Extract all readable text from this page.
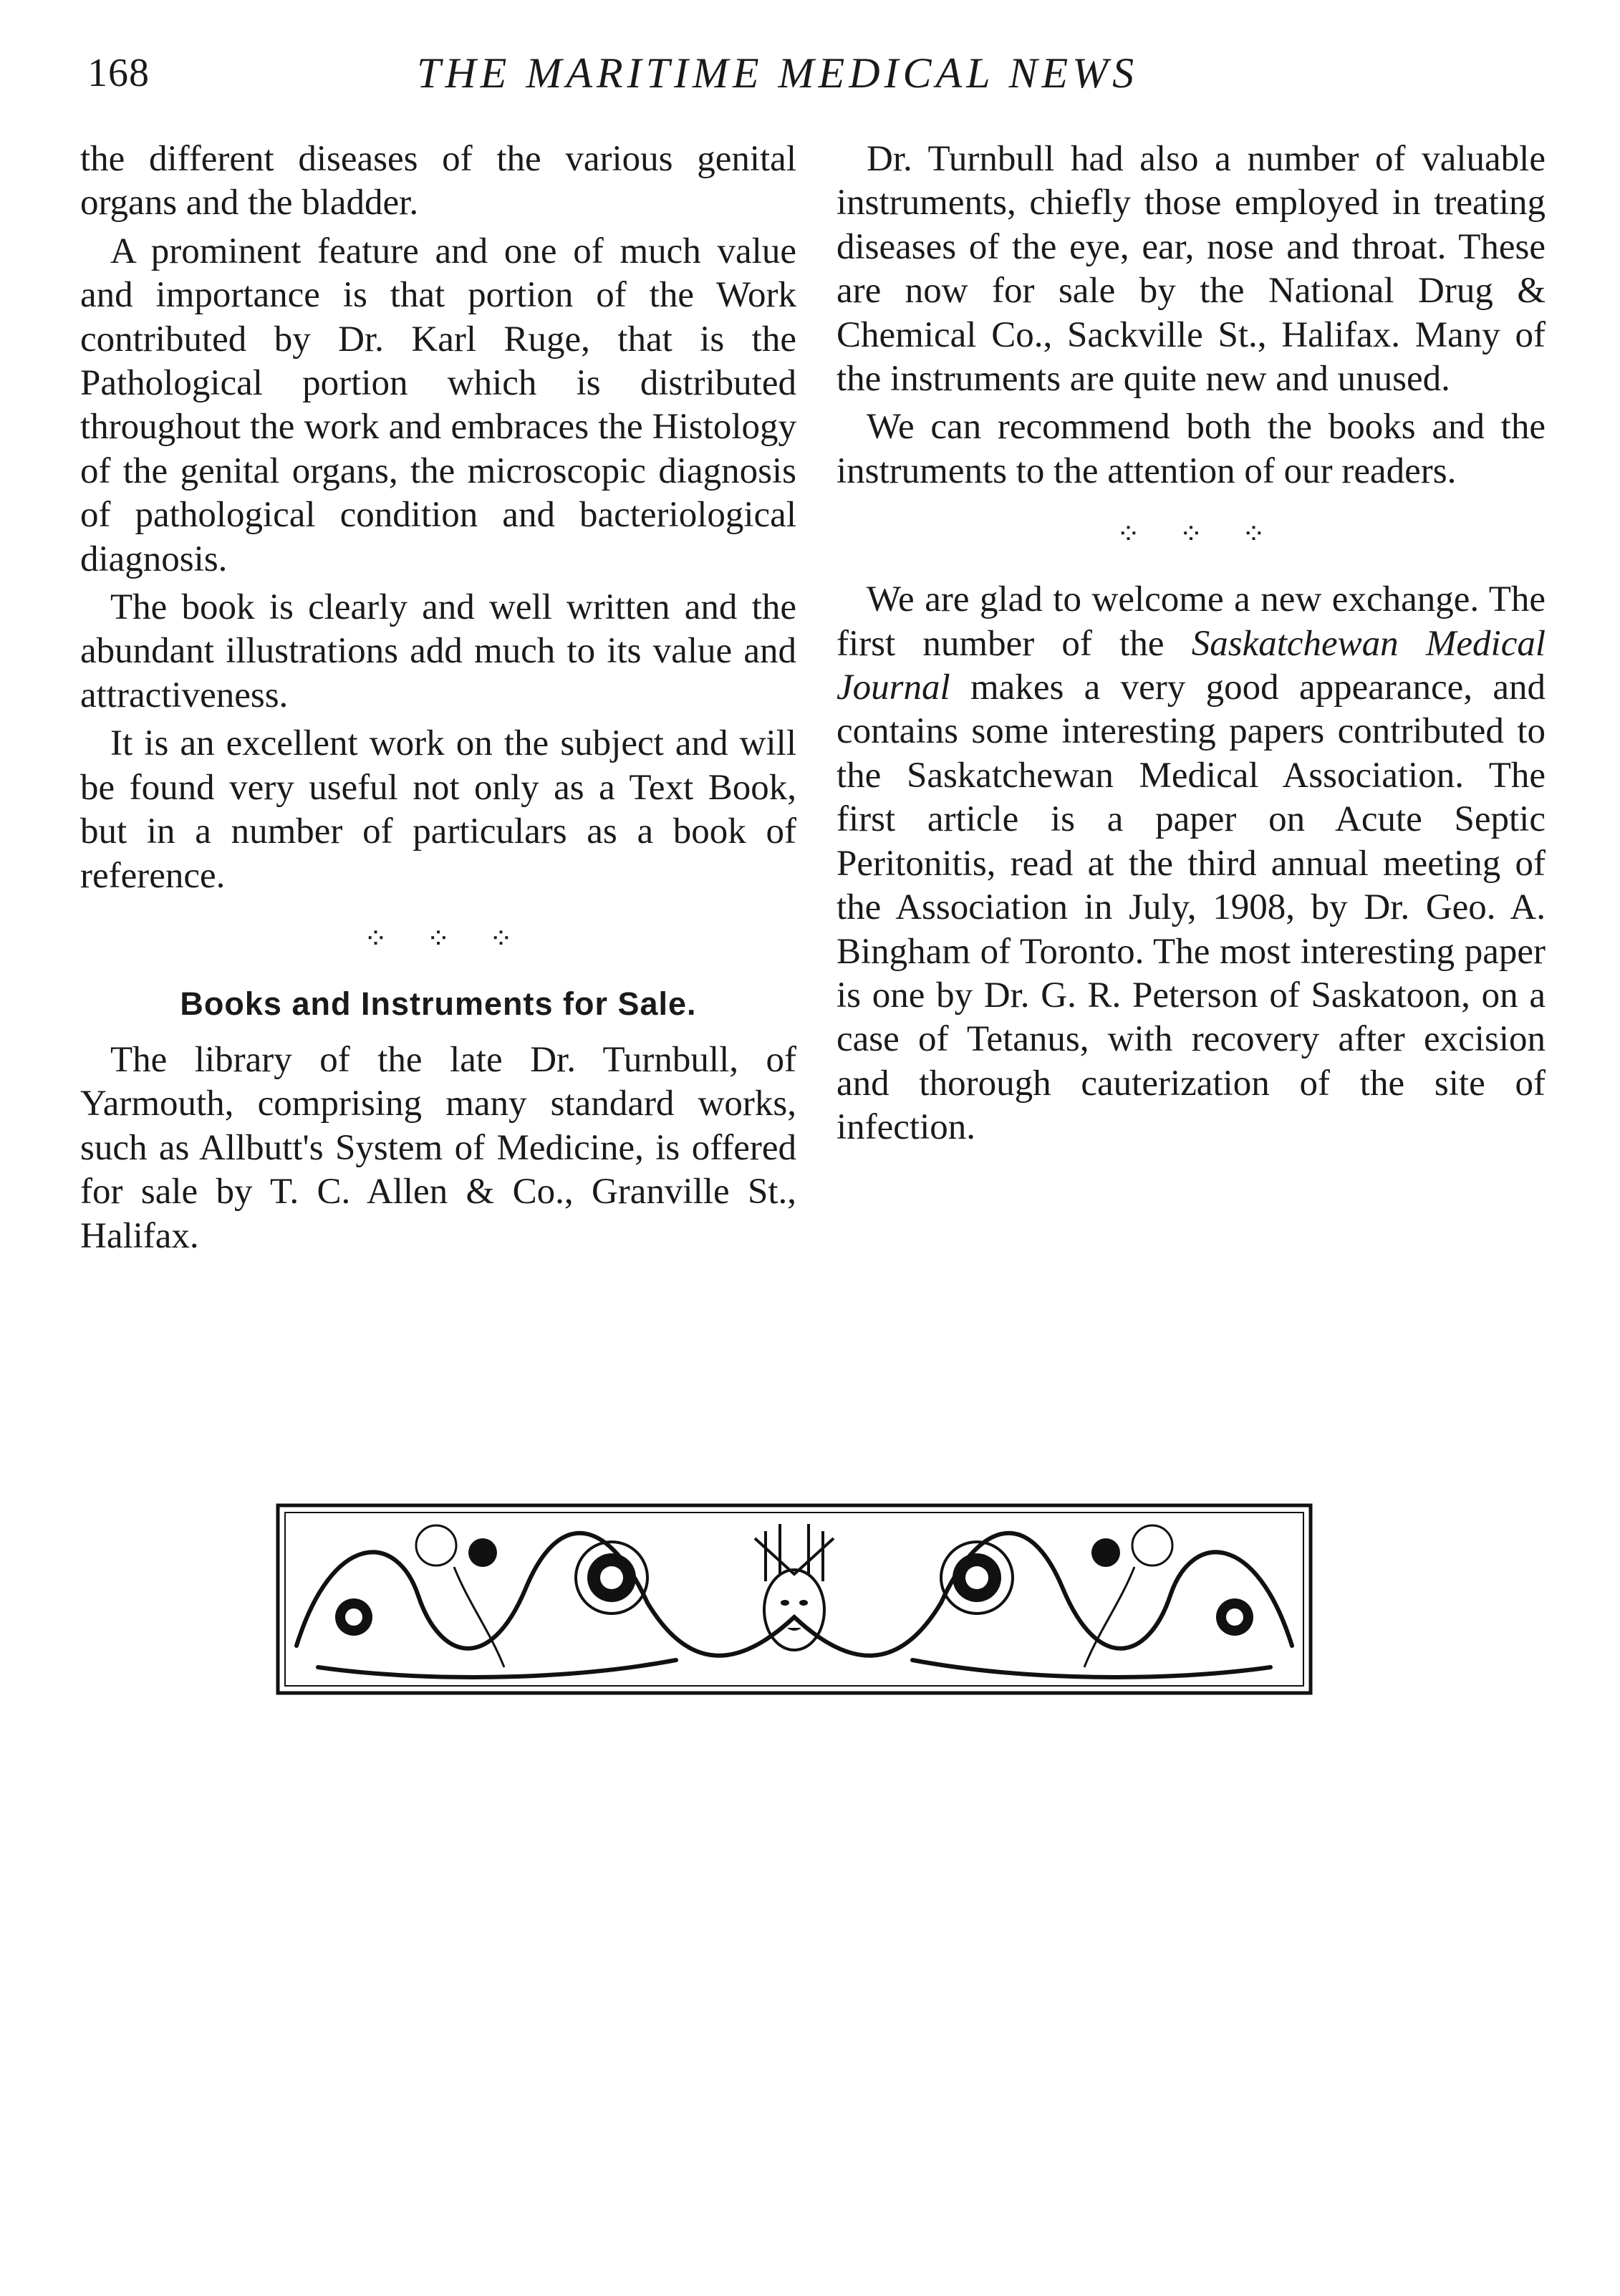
168	THE MARITIME MEDICAL NEWS

the different diseases of the various genital organs and the bladder.

A prominent feature and one of much value and importance is that portion of the Work contributed by Dr. Karl Ruge, that is the Pathological portion which is distributed throughout the work and embraces the Histology of the genital organs, the microscopic diagnosis of pathological condition and bacteriological diagnosis.

The book is clearly and well written and the abundant illustrations add much to its value and attractiveness.

It is an excellent work on the subject and will be found very useful not only as a Text Book, but in a number of particulars as a book of reference.

⁘⁘⁘
Books and Instruments for Sale.

The library of the late Dr. Turnbull, of Yarmouth, comprising many standard works, such as Allbutt's System of Medicine, is offered for sale by T. C. Allen & Co., Granville St., Halifax.

Dr. Turnbull had also a number of valuable instruments, chiefly those employed in treating diseases of the eye, ear, nose and throat. These are now for sale by the National Drug & Chemical Co., Sackville St., Halifax. Many of the instruments are quite new and unused.

We can recommend both the books and the instruments to the attention of our readers.

⁘⁘⁘

We are glad to welcome a new exchange. The first number of the Saskatchewan Medical Journal makes a very good appearance, and contains some interesting papers contributed to the Saskatchewan Medical Association. The first article is a paper on Acute Septic Peritonitis, read at the third annual meeting of the Association in July, 1908, by Dr. Geo. A. Bingham of Toronto. The most interesting paper is one by Dr. G. R. Peterson of Saskatoon, on a case of Tetanus, with recovery after excision and thorough cauterization of the site of infection.
